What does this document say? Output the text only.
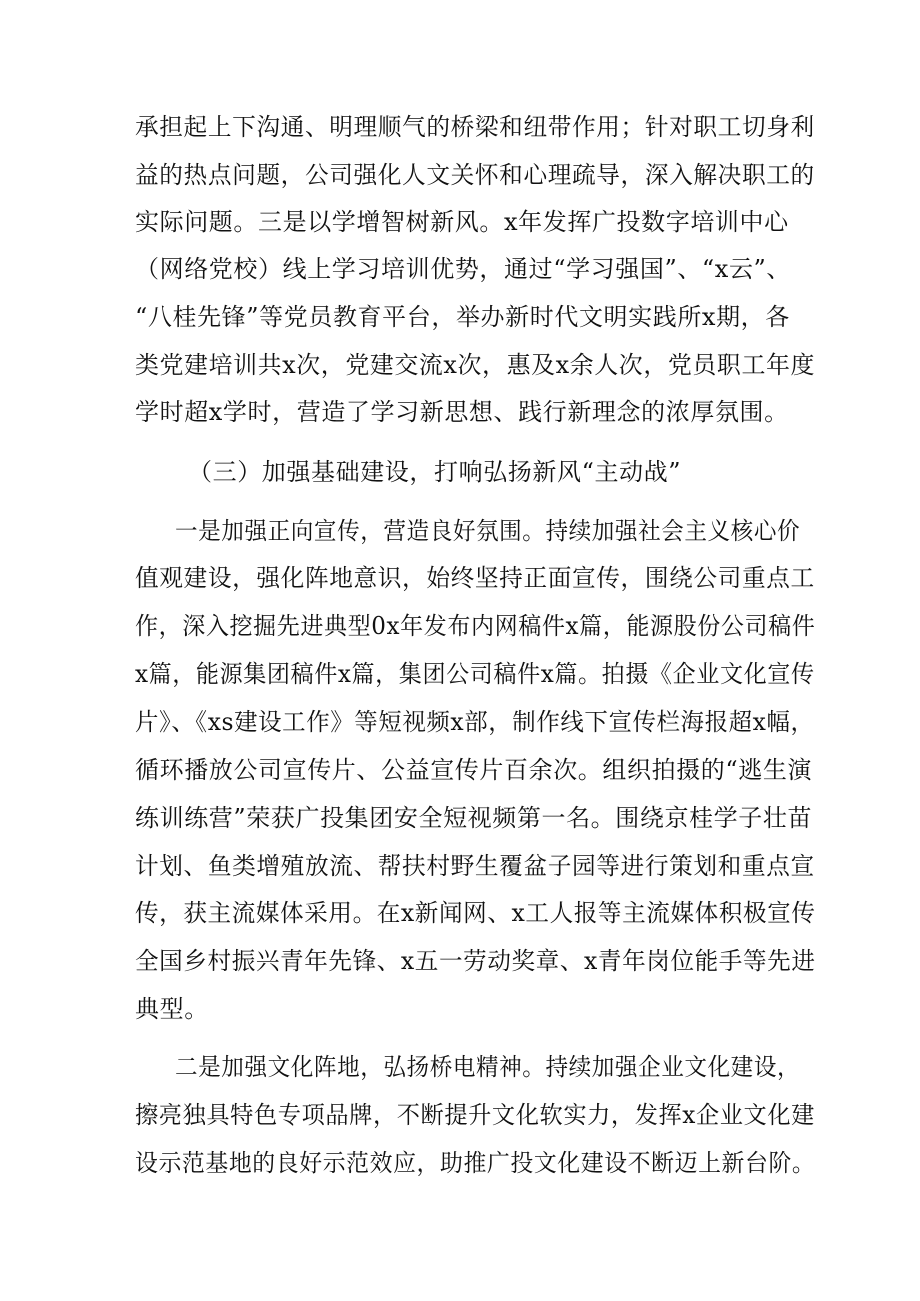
承担起上下沟通、明理顺气的桥梁和纽带作用；针对职工切身利
益的热点问题，公司强化人文关怀和心理疏导，深入解决职工的
实际问题。三是以学增智树新风。x年发挥广投数字培训中心
（网络党校）线上学习培训优势，通过“学习强国”、“x云”、
“八桂先锋”等党员教育平台，举办新时代文明实践所x期，各
类党建培训共x次，党建交流x次，惠及x余人次，党员职工年度
学时超x学时，营造了学习新思想、践行新理念的浓厚氛围。
（三）加强基础建设，打响弘扬新风“主动战”
一是加强正向宣传，营造良好氛围。持续加强社会主义核心价
值观建设，强化阵地意识，始终坚持正面宣传，围绕公司重点工
作，深入挖掘先进典型0x年发布内网稿件x篇，能源股份公司稿件
x篇，能源集团稿件x篇，集团公司稿件x篇。拍摄《企业文化宣传
片》、《xs建设工作》等短视频x部，制作线下宣传栏海报超x幅，
循环播放公司宣传片、公益宣传片百余次。组织拍摄的“逃生演
练训练营”荣获广投集团安全短视频第一名。围绕京桂学子壮苗
计划、鱼类增殖放流、帮扶村野生覆盆子园等进行策划和重点宣
传，获主流媒体采用。在x新闻网、x工人报等主流媒体积极宣传
全国乡村振兴青年先锋、x五一劳动奖章、x青年岗位能手等先进
典型。
二是加强文化阵地，弘扬桥电精神。持续加强企业文化建设，
擦亮独具特色专项品牌，不断提升文化软实力，发挥x企业文化建
设示范基地的良好示范效应，助推广投文化建设不断迈上新台阶。
